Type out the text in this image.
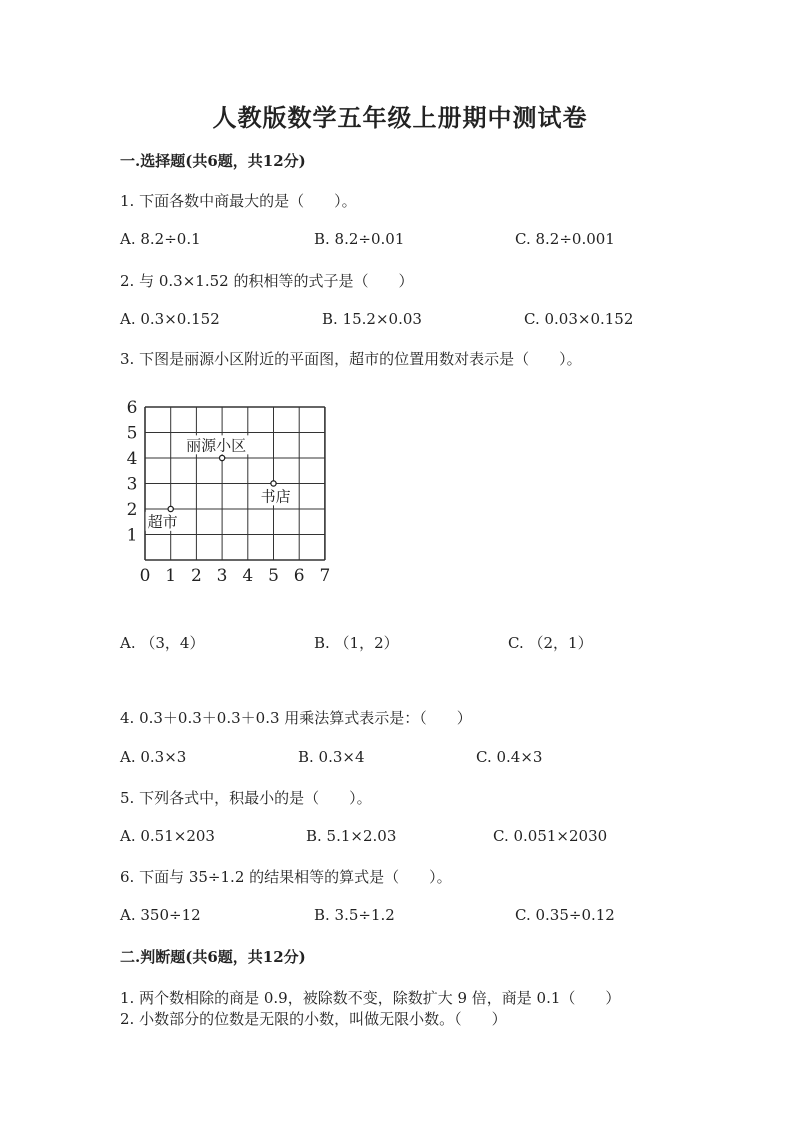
人教版数学五年级上册期中测试卷
一.选择题(共6题，共12分)
1. 下面各数中商最大的是（　　）。
A. 8.2÷0.1	B. 8.2÷0.01	C. 8.2÷0.001
2. 与 0.3×1.52 的积相等的式子是（　　）
A. 0.3×0.152	B. 15.2×0.03	C. 0.03×0.152
3. 下图是丽源小区附近的平面图，超市的位置用数对表示是（　　）。
0 1 2 3 4 5 6 7
1
2
3
4
5
6
丽源小区
超市
书店
A. （3，4）	B. （1，2）	C. （2，1）
4. 0.3＋0.3＋0.3＋0.3 用乘法算式表示是：（　　）
A. 0.3×3	B. 0.3×4	C. 0.4×3
5. 下列各式中，积最小的是（　　）。
A. 0.51×203	B. 5.1×2.03	C. 0.051×2030
6. 下面与 35÷1.2 的结果相等的算式是（　　）。
A. 350÷12	B. 3.5÷1.2	C. 0.35÷0.12
二.判断题(共6题，共12分)
1. 两个数相除的商是 0.9，被除数不变，除数扩大 9 倍，商是 0.1（　　）
2. 小数部分的位数是无限的小数，叫做无限小数。（　　）
